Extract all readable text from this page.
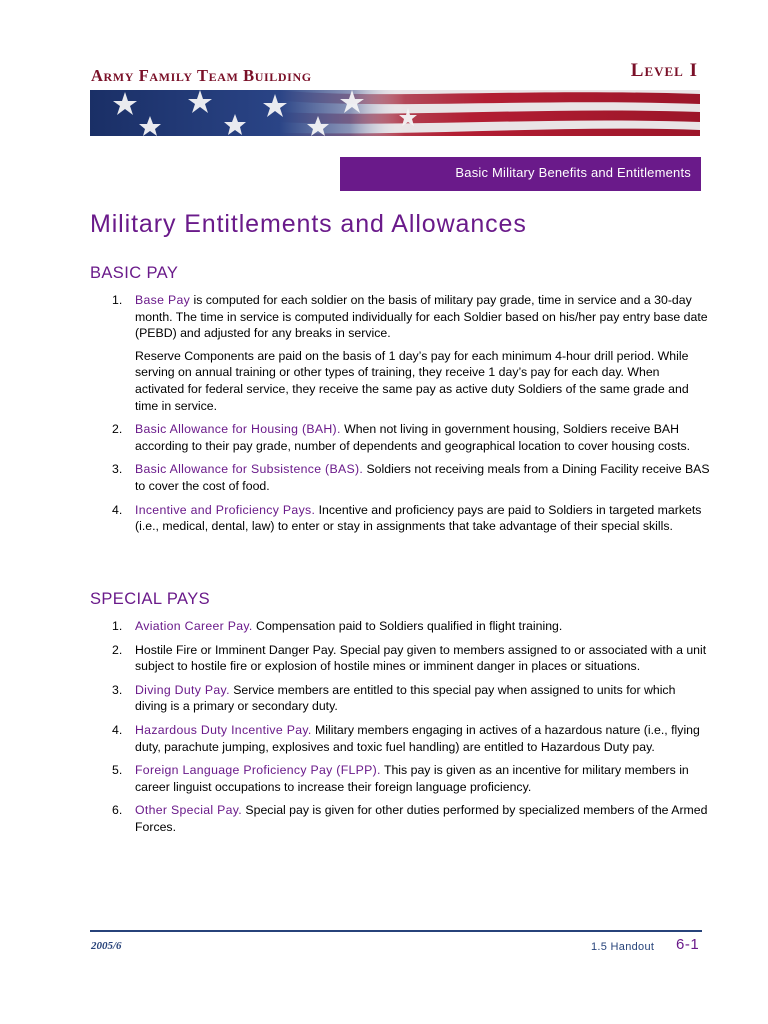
Army Family Team Building	Level I
Basic Military Benefits and Entitlements
Military Entitlements and Allowances
BASIC PAY
1. Base Pay is computed for each soldier on the basis of military pay grade, time in service and a 30-day month. The time in service is computed individually for each Soldier based on his/her pay entry base date (PEBD) and adjusted for any breaks in service.
Reserve Components are paid on the basis of 1 day’s pay for each minimum 4-hour drill period. While serving on annual training or other types of training, they receive 1 day’s pay for each day. When activated for federal service, they receive the same pay as active duty Soldiers of the same grade and time in service.
2. Basic Allowance for Housing (BAH). When not living in government housing, Soldiers receive BAH according to their pay grade, number of dependents and geographical location to cover housing costs.
3. Basic Allowance for Subsistence (BAS). Soldiers not receiving meals from a Dining Facility receive BAS to cover the cost of food.
4. Incentive and Proficiency Pays. Incentive and proficiency pays are paid to Soldiers in targeted markets (i.e., medical, dental, law) to enter or stay in assignments that take advantage of their special skills.
SPECIAL PAYS
1. Aviation Career Pay. Compensation paid to Soldiers qualified in flight training.
2. Hostile Fire or Imminent Danger Pay. Special pay given to members assigned to or associated with a unit subject to hostile fire or explosion of hostile mines or imminent danger in places or situations.
3. Diving Duty Pay. Service members are entitled to this special pay when assigned to units for which diving is a primary or secondary duty.
4. Hazardous Duty Incentive Pay. Military members engaging in actives of a hazardous nature (i.e., flying duty, parachute jumping, explosives and toxic fuel handling) are entitled to Hazardous Duty pay.
5. Foreign Language Proficiency Pay (FLPP). This pay is given as an incentive for military members in career linguist occupations to increase their foreign language proficiency.
6. Other Special Pay. Special pay is given for other duties performed by specialized members of the Armed Forces.
2005/6	1.5 Handout 6-1
